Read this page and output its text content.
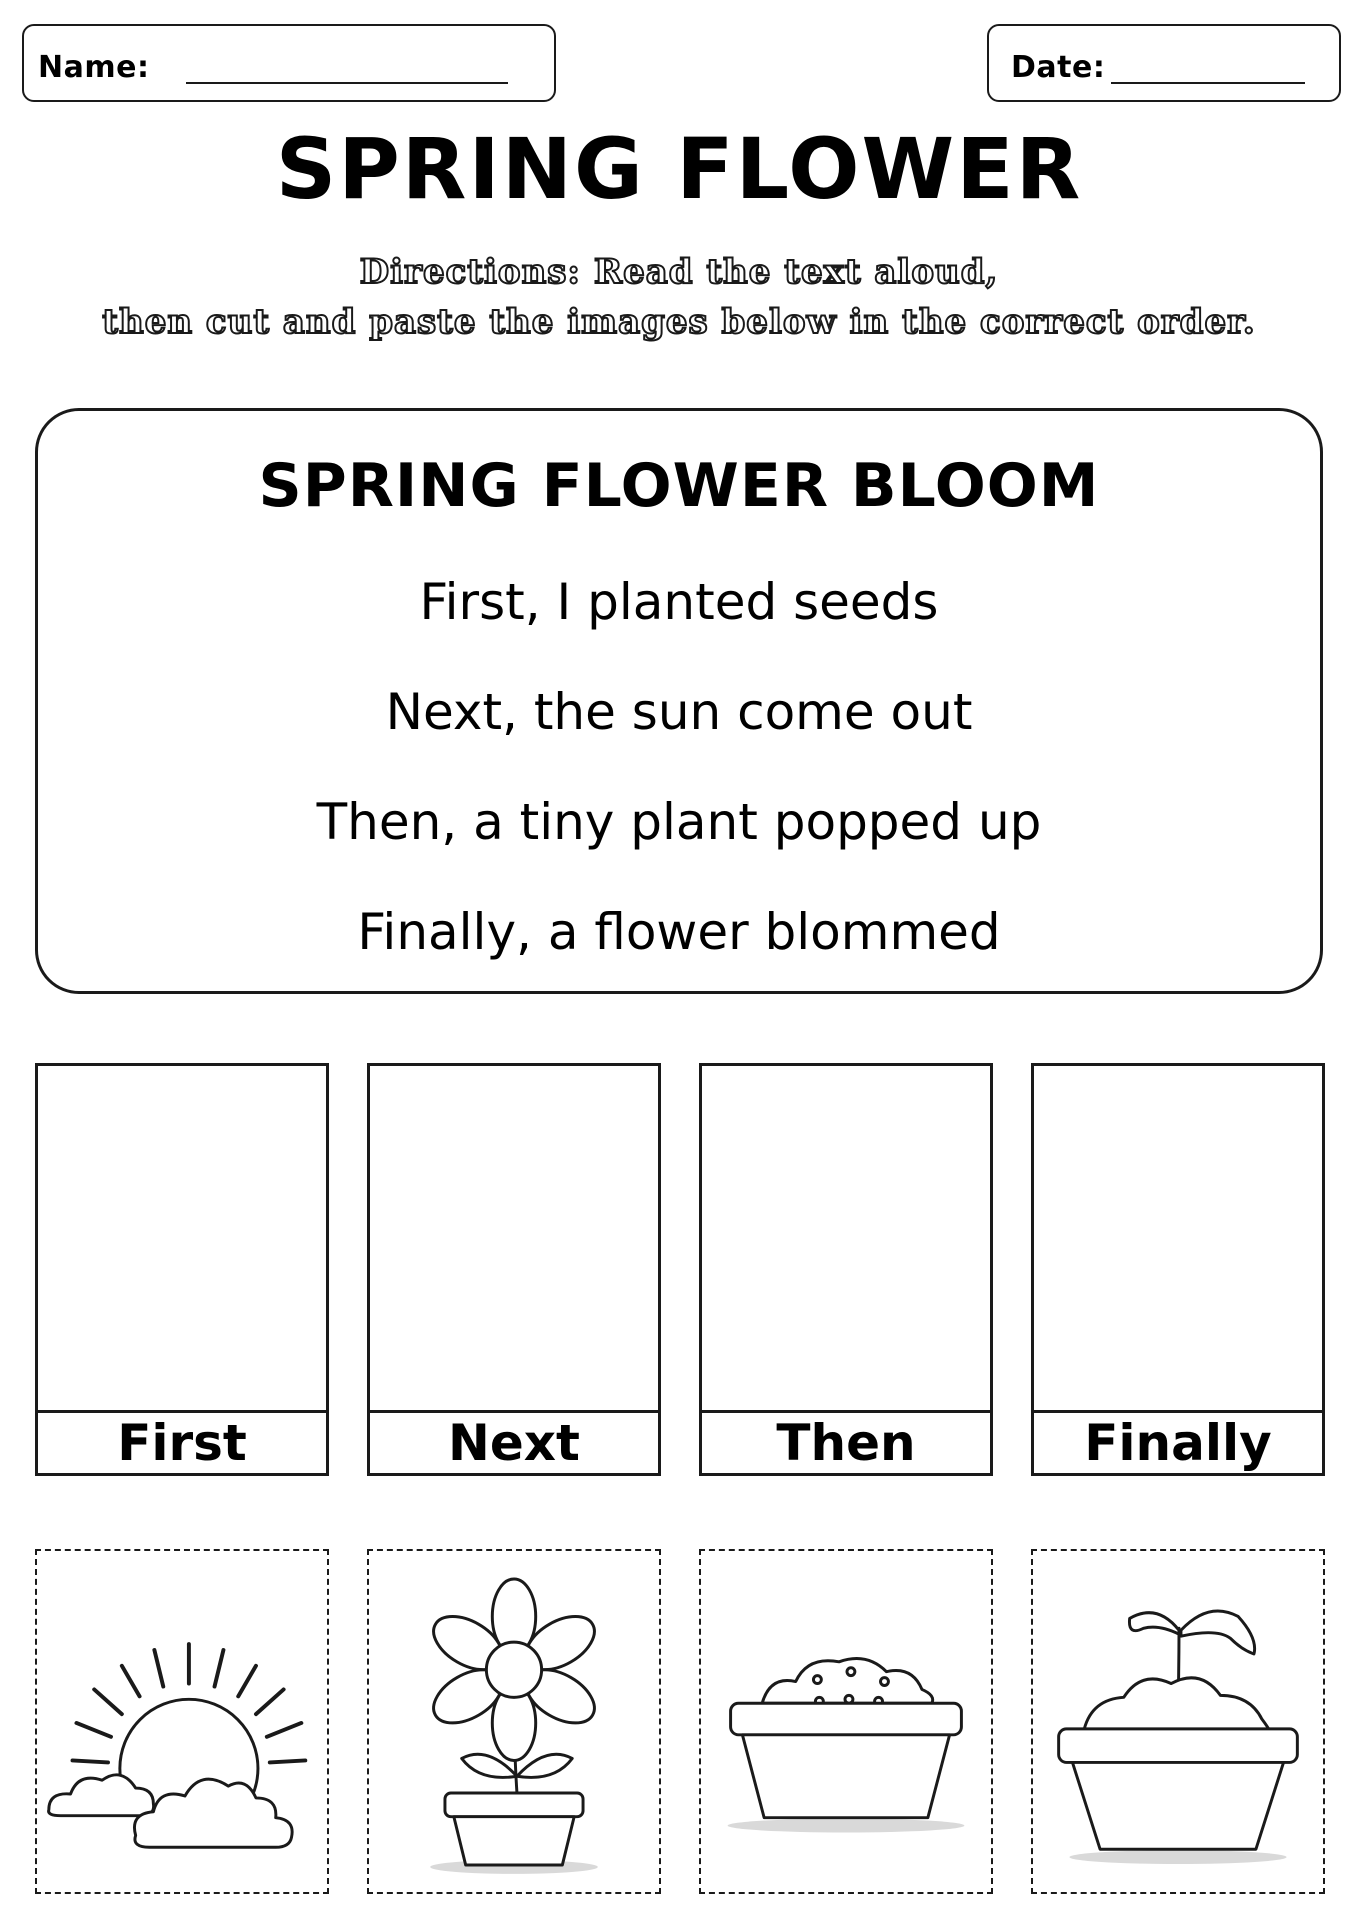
Name:	Date:
SPRING FLOWER
Directions: Read the text aloud,
then cut and paste the images below in the correct order.
SPRING FLOWER BLOOM
First, I planted seeds
Next, the sun come out
Then, a tiny plant popped up
Finally, a flower blommed
First	Next	Then	Finally
